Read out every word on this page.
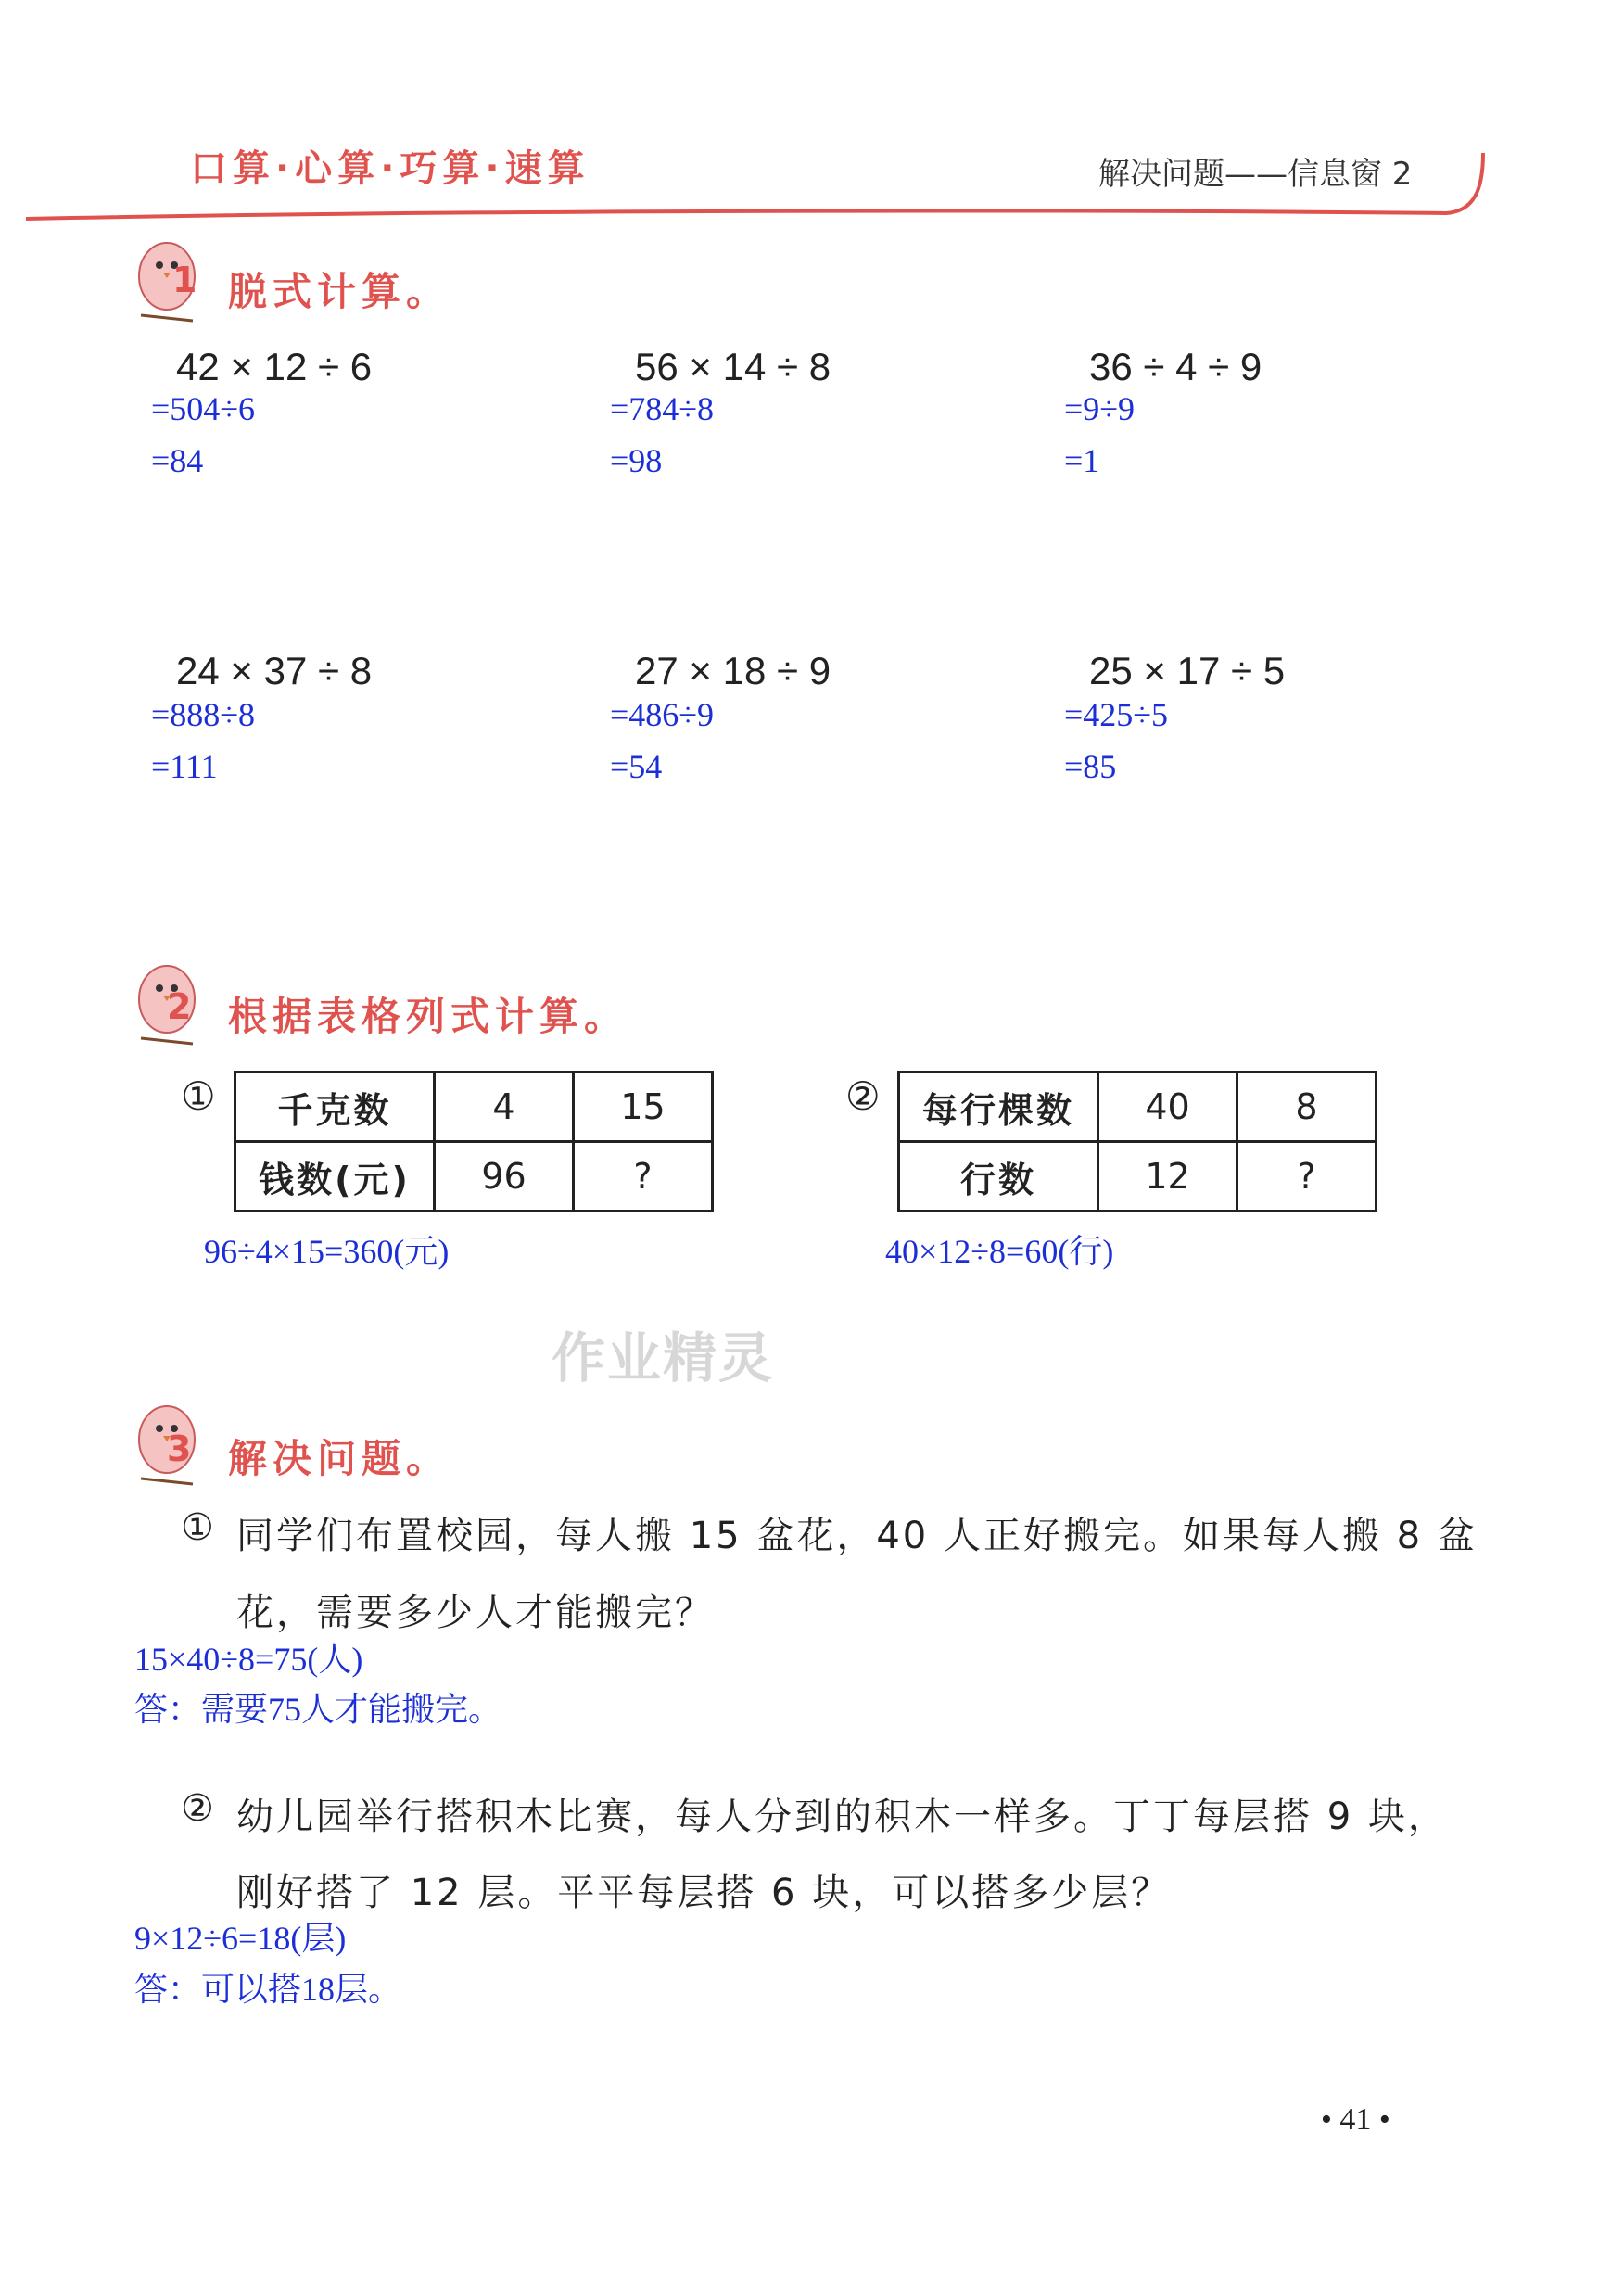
口算·心算·巧算·速算	解决问题——信息窗 2
1 脱式计算。
42 × 12 ÷ 6
=504÷6
=84
56 × 14 ÷ 8
=784÷8
=98
36 ÷ 4 ÷ 9
=9÷9
=1
24 × 37 ÷ 8
=888÷8
=111
27 × 18 ÷ 9
=486÷9
=54
25 × 17 ÷ 5
=425÷5
=85
2 根据表格列式计算。
① 千克数	4	15
钱数(元)	96	?
96÷4×15=360(元)
② 每行棵数	40	8
行数	12	?
40×12÷8=60(行)
作业精灵
3 解决问题。
① 同学们布置校园，每人搬 15 盆花，40 人正好搬完。如果每人搬 8 盆
花，需要多少人才能搬完？
15×40÷8=75(人)
答：需要75人才能搬完。
② 幼儿园举行搭积木比赛，每人分到的积木一样多。丁丁每层搭 9 块，
刚好搭了 12 层。平平每层搭 6 块，可以搭多少层？
9×12÷6=18(层)
答：可以搭18层。
• 41 •
